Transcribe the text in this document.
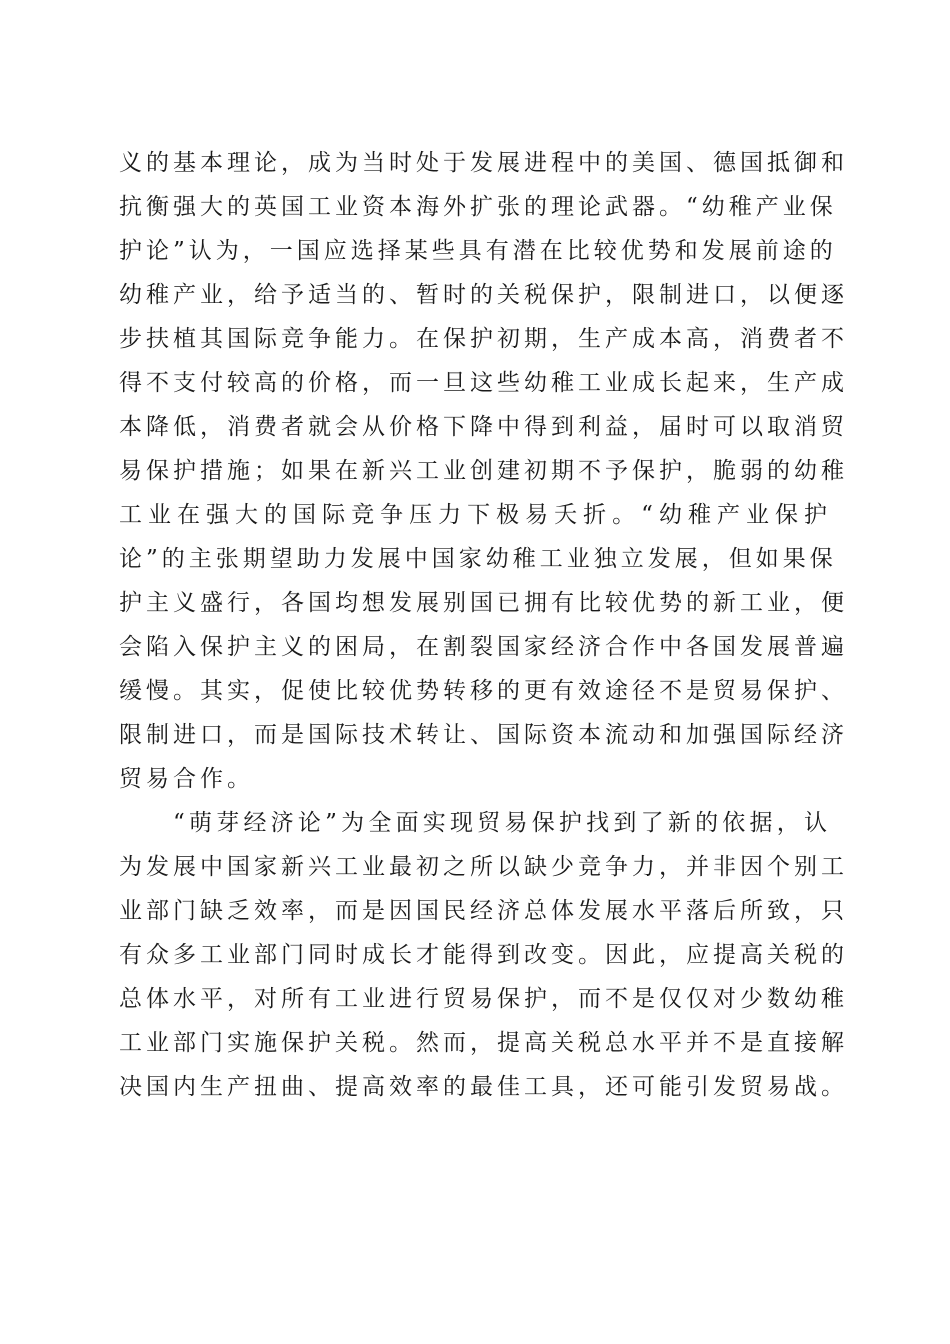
义的基本理论，成为当时处于发展进程中的美国、德国抵御和
抗衡强大的英国工业资本海外扩张的理论武器。“幼稚产业保
护论”认为，一国应选择某些具有潜在比较优势和发展前途的
幼稚产业，给予适当的、暂时的关税保护，限制进口，以便逐
步扶植其国际竞争能力。在保护初期，生产成本高，消费者不
得不支付较高的价格，而一旦这些幼稚工业成长起来，生产成
本降低，消费者就会从价格下降中得到利益，届时可以取消贸
易保护措施；如果在新兴工业创建初期不予保护，脆弱的幼稚
工业在强大的国际竞争压力下极易夭折。“幼稚产业保护
论”的主张期望助力发展中国家幼稚工业独立发展，但如果保
护主义盛行，各国均想发展别国已拥有比较优势的新工业，便
会陷入保护主义的困局，在割裂国家经济合作中各国发展普遍
缓慢。其实，促使比较优势转移的更有效途径不是贸易保护、
限制进口，而是国际技术转让、国际资本流动和加强国际经济
贸易合作。
“萌芽经济论”为全面实现贸易保护找到了新的依据，认
为发展中国家新兴工业最初之所以缺少竞争力，并非因个别工
业部门缺乏效率，而是因国民经济总体发展水平落后所致，只
有众多工业部门同时成长才能得到改变。因此，应提高关税的
总体水平，对所有工业进行贸易保护，而不是仅仅对少数幼稚
工业部门实施保护关税。然而，提高关税总水平并不是直接解
决国内生产扭曲、提高效率的最佳工具，还可能引发贸易战。
